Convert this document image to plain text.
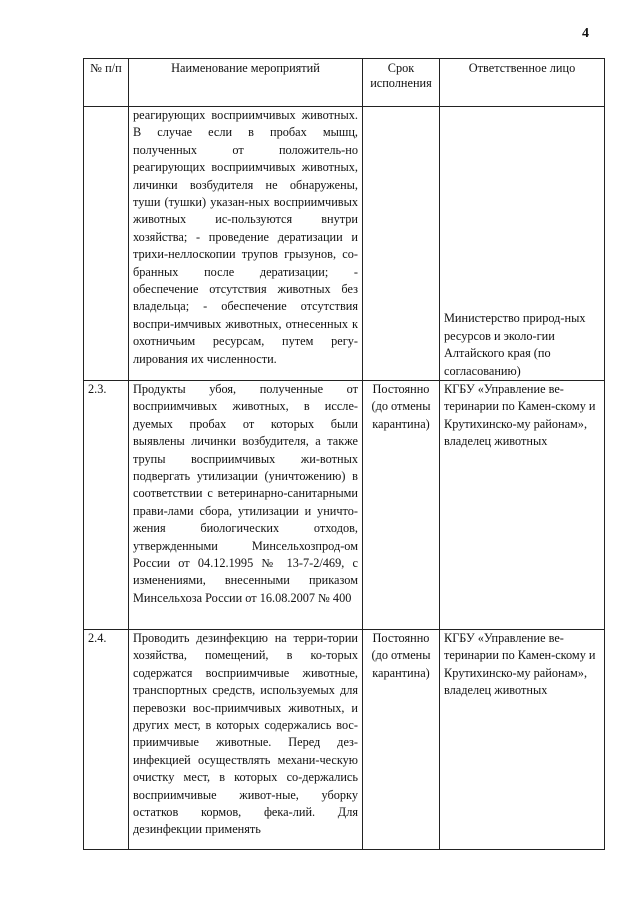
4
№ п/п	Наименование мероприятий	Срок исполнения	Ответственное лицо
	реагирующих восприимчивых животных. В случае если в пробах мышц, полученных от положитель-но реагирующих восприимчивых животных, личинки возбудителя не обнаружены, туши (тушки) указан-ных восприимчивых животных ис-пользуются внутри хозяйства; - проведение дератизации и трихи-неллоскопии трупов грызунов, со-бранных после дератизации; - обеспечение отсутствия животных без владельца; - обеспечение отсутствия воспри-имчивых животных, отнесенных к охотничьим ресурсам, путем регу-лирования их численности.		Министерство природ-ных ресурсов и эколо-гии Алтайского края (по согласованию)

2.3.	Продукты убоя, полученные от восприимчивых животных, в иссле-дуемых пробах от которых были выявлены личинки возбудителя, а также трупы восприимчивых жи-вотных подвергать утилизации (уничтожению) в соответствии с ветеринарно-санитарными прави-лами сбора, утилизации и уничто-жения биологических отходов, утвержденными Минсельхозпрод-ом России от 04.12.1995 № 13-7-2/469, с изменениями, внесенными приказом Минсельхоза России от 16.08.2007 № 400	Постоянно (до отмены карантина)	КГБУ «Управление ве-теринарии по Камен-скому и Крутихинско-му районам», владелец животных
2.4.	Проводить дезинфекцию на терри-тории хозяйства, помещений, в ко-торых содержатся восприимчивые животные, транспортных средств, используемых для перевозки вос-приимчивых животных, и других мест, в которых содержались вос-приимчивые животные. Перед дез-инфекцией осуществлять механи-ческую очистку мест, в которых со-держались восприимчивые живот-ные, уборку остатков кормов, фека-лий. Для дезинфекции применять	Постоянно (до отмены карантина)	КГБУ «Управление ве-теринарии по Камен-скому и Крутихинско-му районам», владелец животных
